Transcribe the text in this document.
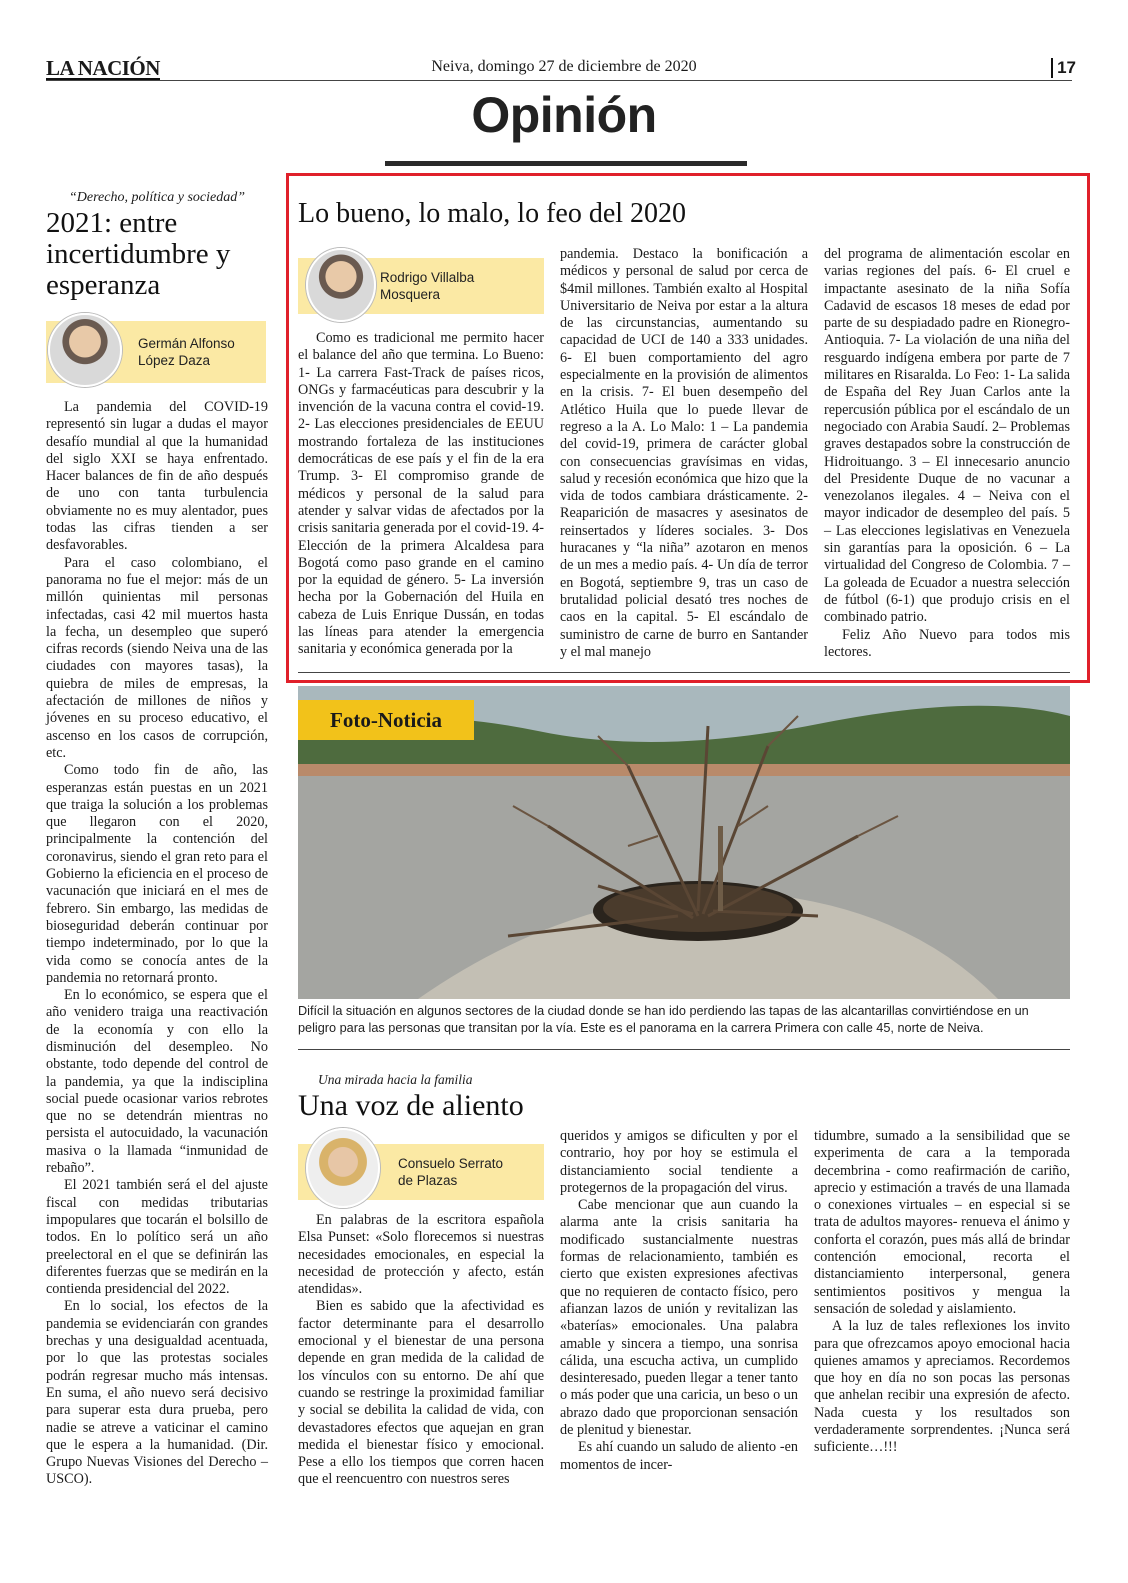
LA NACIÓN	Neiva, domingo 27 de diciembre de 2020	17
Opinión
“Derecho, política y sociedad”
2021: entre incertidumbre y esperanza
Germán Alfonso
López Daza

La pandemia del COVID-19 representó sin lugar a dudas el mayor desafío mundial al que la humanidad del siglo XXI se haya enfrentado. Hacer balances de fin de año después de uno con tanta turbulencia obviamente no es muy alentador, pues todas las cifras tienden a ser desfavorables.

Para el caso colombiano, el panorama no fue el mejor: más de un millón quinientas mil personas infectadas, casi 42 mil muertos hasta la fecha, un desempleo que superó cifras records (siendo Neiva una de las ciudades con mayores tasas), la quiebra de miles de empresas, la afectación de millones de niños y jóvenes en su proceso educativo, el ascenso en los casos de corrupción, etc.

Como todo fin de año, las esperanzas están puestas en un 2021 que traiga la solución a los problemas que llegaron con el 2020, principalmente la contención del coronavirus, siendo el gran reto para el Gobierno la eficiencia en el proceso de vacunación que iniciará en el mes de febrero. Sin embargo, las medidas de bioseguridad deberán continuar por tiempo indeterminado, por lo que la vida como se conocía antes de la pandemia no retornará pronto.

En lo económico, se espera que el año venidero traiga una reactivación de la economía y con ello la disminución del desempleo. No obstante, todo depende del control de la pandemia, ya que la indisciplina social puede ocasionar varios rebrotes que no se detendrán mientras no persista el autocuidado, la vacunación masiva o la llamada “inmunidad de rebaño”.

El 2021 también será el del ajuste fiscal con medidas tributarias impopulares que tocarán el bolsillo de todos. En lo político será un año preelectoral en el que se definirán las diferentes fuerzas que se medirán en la contienda presidencial del 2022.

En lo social, los efectos de la pandemia se evidenciarán con grandes brechas y una desigualdad acentuada, por lo que las protestas sociales podrán regresar mucho más intensas. En suma, el año nuevo será decisivo para superar esta dura prueba, pero nadie se atreve a vaticinar el camino que le espera a la humanidad. (Dir. Grupo Nuevas Visiones del Derecho – USCO).

Lo bueno, lo malo, lo feo del 2020
Rodrigo Villalba
Mosquera

Como es tradicional me permito hacer el balance del año que termina. Lo Bueno: 1- La carrera Fast-Track de países ricos, ONGs y farmacéuticas para descubrir y la invención de la vacuna contra el covid-19. 2- Las elecciones presidenciales de EEUU mostrando fortaleza de las instituciones democráticas de ese país y el fin de la era Trump. 3- El compromiso grande de médicos y personal de la salud para atender y salvar vidas de afectados por la crisis sanitaria generada por el covid-19. 4- Elección de la primera Alcaldesa para Bogotá como paso grande en el camino por la equidad de género. 5- La inversión hecha por la Gobernación del Huila en cabeza de Luis Enrique Dussán, en todas las líneas para atender la emergencia sanitaria y económica generada por la

pandemia. Destaco la bonificación a médicos y personal de salud por cerca de $4mil millones. También exalto al Hospital Universitario de Neiva por estar a la altura de las circunstancias, aumentando su capacidad de UCI de 140 a 333 unidades. 6- El buen comportamiento del agro especialmente en la provisión de alimentos en la crisis. 7- El buen desempeño del Atlético Huila que lo puede llevar de regreso a la A. Lo Malo: 1 – La pandemia del covid-19, primera de carácter global con consecuencias gravísimas en vidas, salud y recesión económica que hizo que la vida de todos cambiara drásticamente. 2- Reaparición de masacres y asesinatos de reinsertados y líderes sociales. 3- Dos huracanes y “la niña” azotaron en menos de un mes a medio país. 4- Un día de terror en Bogotá, septiembre 9, tras un caso de brutalidad policial desató tres noches de caos en la capital. 5- El escándalo de suministro de carne de burro en Santander y el mal manejo

del programa de alimentación escolar en varias regiones del país. 6- El cruel e impactante asesinato de la niña Sofía Cadavid de escasos 18 meses de edad por parte de su despiadado padre en Rionegro-Antioquia. 7- La violación de una niña del resguardo indígena embera por parte de 7 militares en Risaralda. Lo Feo: 1- La salida de España del Rey Juan Carlos ante la repercusión pública por el escándalo de un negociado con Arabia Saudí. 2– Problemas graves destapados sobre la construcción de Hidroituango. 3 – El innecesario anuncio del Presidente Duque de no vacunar a venezolanos ilegales. 4 – Neiva con el mayor indicador de desempleo del país. 5 – Las elecciones legislativas en Venezuela sin garantías para la oposición. 6 – La virtualidad del Congreso de Colombia. 7 – La goleada de Ecuador a nuestra selección de fútbol (6-1) que produjo crisis en el combinado patrio.

Feliz Año Nuevo para todos mis lectores.

Foto-Noticia
Difícil la situación en algunos sectores de la ciudad donde se han ido perdiendo las tapas de las alcantarillas convirtiéndose en un peligro para las personas que transitan por la vía. Este es el panorama en la carrera Primera con calle 45, norte de Neiva.
Una mirada hacia la familia
Una voz de aliento
Consuelo Serrato
de Plazas

En palabras de la escritora española Elsa Punset: «Solo florecemos si nuestras necesidades emocionales, en especial la necesidad de protección y afecto, están atendidas».

Bien es sabido que la afectividad es factor determinante para el desarrollo emocional y el bienestar de una persona depende en gran medida de la calidad de los vínculos con su entorno. De ahí que cuando se restringe la proximidad familiar y social se debilita la calidad de vida, con devastadores efectos que aquejan en gran medida el bienestar físico y emocional. Pese a ello los tiempos que corren hacen que el reencuentro con nuestros seres

queridos y amigos se dificulten y por el contrario, hoy por hoy se estimula el distanciamiento social tendiente a protegernos de la propagación del virus.

Cabe mencionar que aun cuando la alarma ante la crisis sanitaria ha modificado sustancialmente nuestras formas de relacionamiento, también es cierto que existen expresiones afectivas que no requieren de contacto físico, pero afianzan lazos de unión y revitalizan las «baterías» emocionales. Una palabra amable y sincera a tiempo, una sonrisa cálida, una escucha activa, un cumplido desinteresado, pueden llegar a tener tanto o más poder que una caricia, un beso o un abrazo dado que proporcionan sensación de plenitud y bienestar.

Es ahí cuando un saludo de aliento -en momentos de incer-

tidumbre, sumado a la sensibilidad que se experimenta de cara a la temporada decembrina - como reafirmación de cariño, aprecio y estimación a través de una llamada o conexiones virtuales – en especial si se trata de adultos mayores- renueva el ánimo y conforta el corazón, pues más allá de brindar contención emocional, recorta el distanciamiento interpersonal, genera sentimientos positivos y mengua la sensación de soledad y aislamiento.

A la luz de tales reflexiones los invito para que ofrezcamos apoyo emocional hacia quienes amamos y apreciamos. Recordemos que hoy en día no son pocas las personas que anhelan recibir una expresión de afecto. Nada cuesta y los resultados son verdaderamente sorprendentes. ¡Nunca será suficiente…!!!
